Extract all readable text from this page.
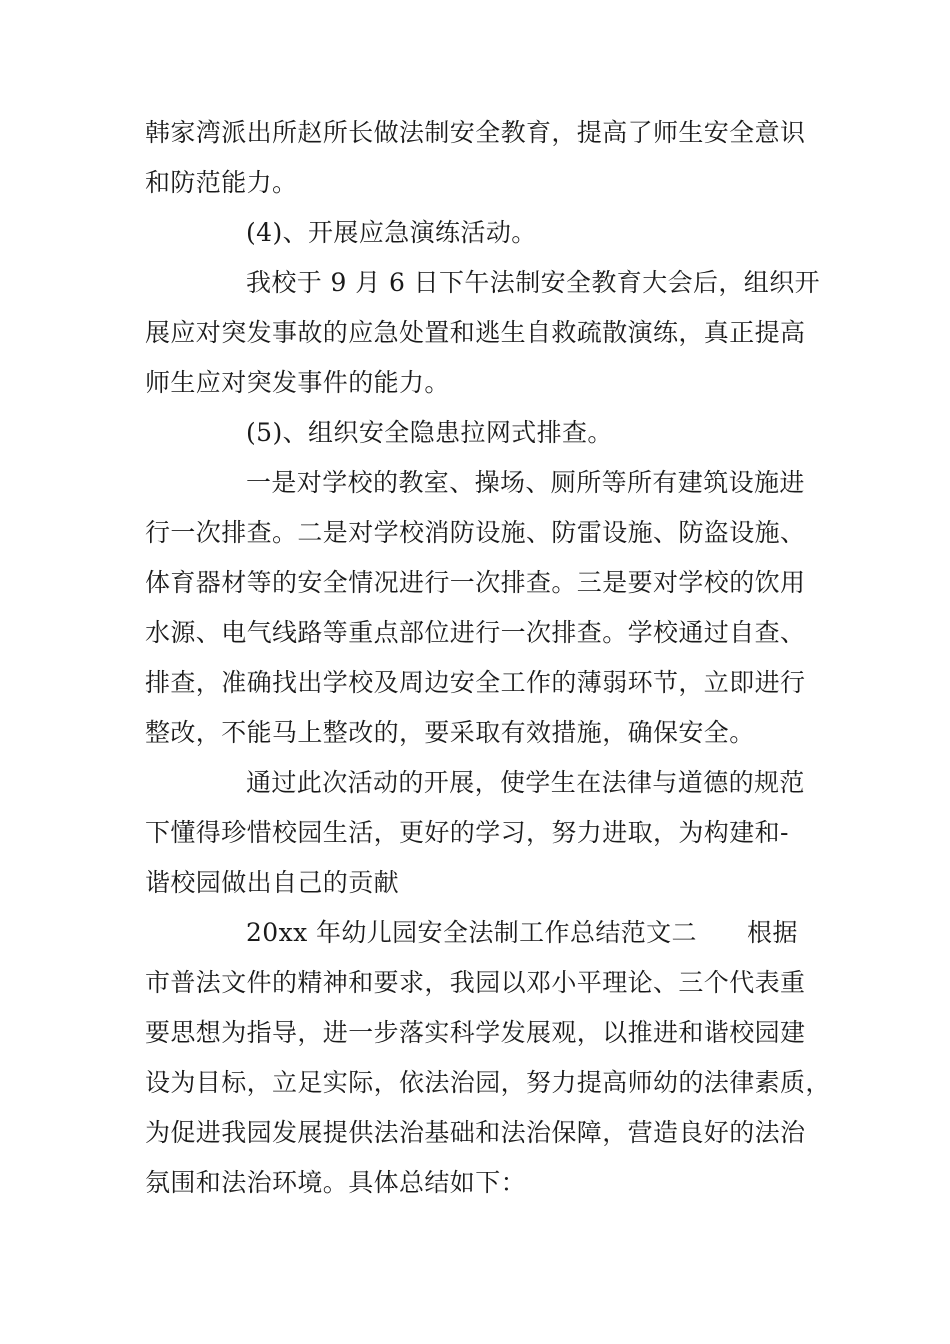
韩家湾派出所赵所长做法制安全教育，提高了师生安全意识
和防范能力。
(4)、开展应急演练活动。
我校于 9 月 6 日下午法制安全教育大会后，组织开
展应对突发事故的应急处置和逃生自救疏散演练，真正提高
师生应对突发事件的能力。
(5)、组织安全隐患拉网式排查。
一是对学校的教室、操场、厕所等所有建筑设施进
行一次排查。二是对学校消防设施、防雷设施、防盗设施、
体育器材等的安全情况进行一次排查。三是要对学校的饮用
水源、电气线路等重点部位进行一次排查。学校通过自查、
排查，准确找出学校及周边安全工作的薄弱环节，立即进行
整改，不能马上整改的，要采取有效措施，确保安全。
通过此次活动的开展，使学生在法律与道德的规范
下懂得珍惜校园生活，更好的学习，努力进取，为构建和-
谐校园做出自己的贡献
20xx 年幼儿园安全法制工作总结范文二      根据
市普法文件的精神和要求，我园以邓小平理论、三个代表重
要思想为指导，进一步落实科学发展观，以推进和谐校园建
设为目标，立足实际，依法治园，努力提高师幼的法律素质，
为促进我园发展提供法治基础和法治保障，营造良好的法治
氛围和法治环境。具体总结如下：
